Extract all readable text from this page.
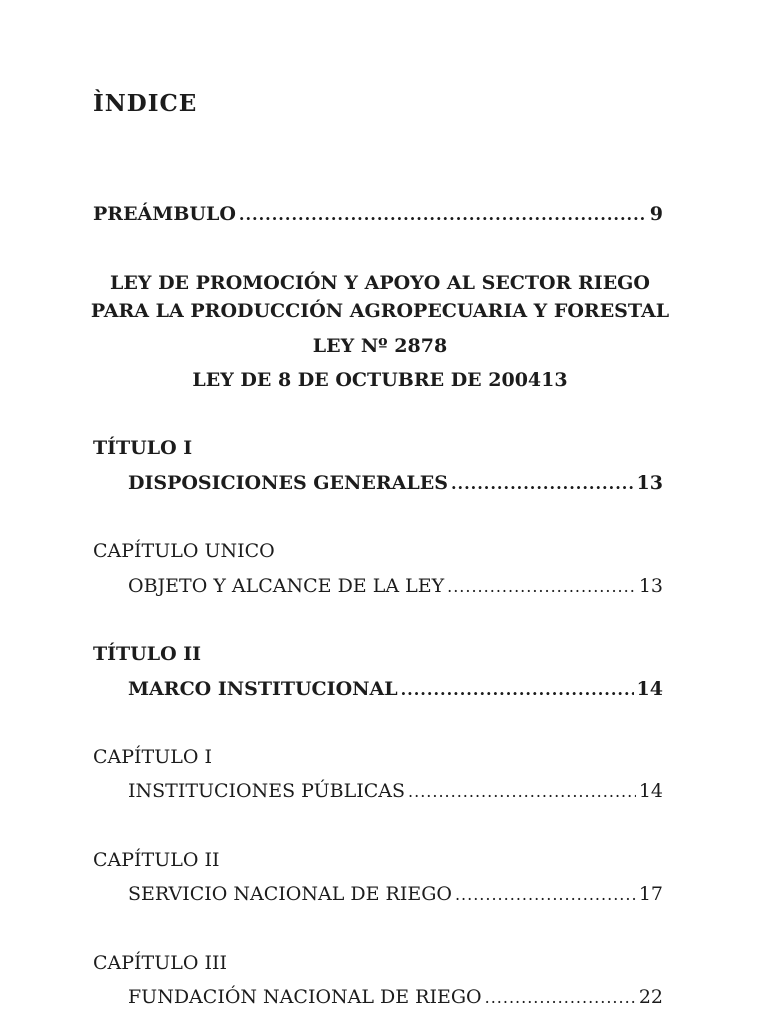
ÌNDICE
PREÁMBULO .....	9
LEY DE PROMOCIÓN Y APOYO AL SECTOR RIEGO
PARA LA PRODUCCIÓN AGROPECUARIA Y FORESTAL
LEY Nº 2878
LEY DE 8 DE OCTUBRE DE 200413
TÍTULO I
DISPOSICIONES GENERALES .....	13
CAPÍTULO UNICO
OBJETO Y ALCANCE DE LA LEY .....	13
TÍTULO II
MARCO INSTITUCIONAL .....	14
CAPÍTULO I
INSTITUCIONES PÚBLICAS .....	14
CAPÍTULO II
SERVICIO NACIONAL DE RIEGO .....	17
CAPÍTULO III
FUNDACIÓN NACIONAL DE RIEGO .....	22
